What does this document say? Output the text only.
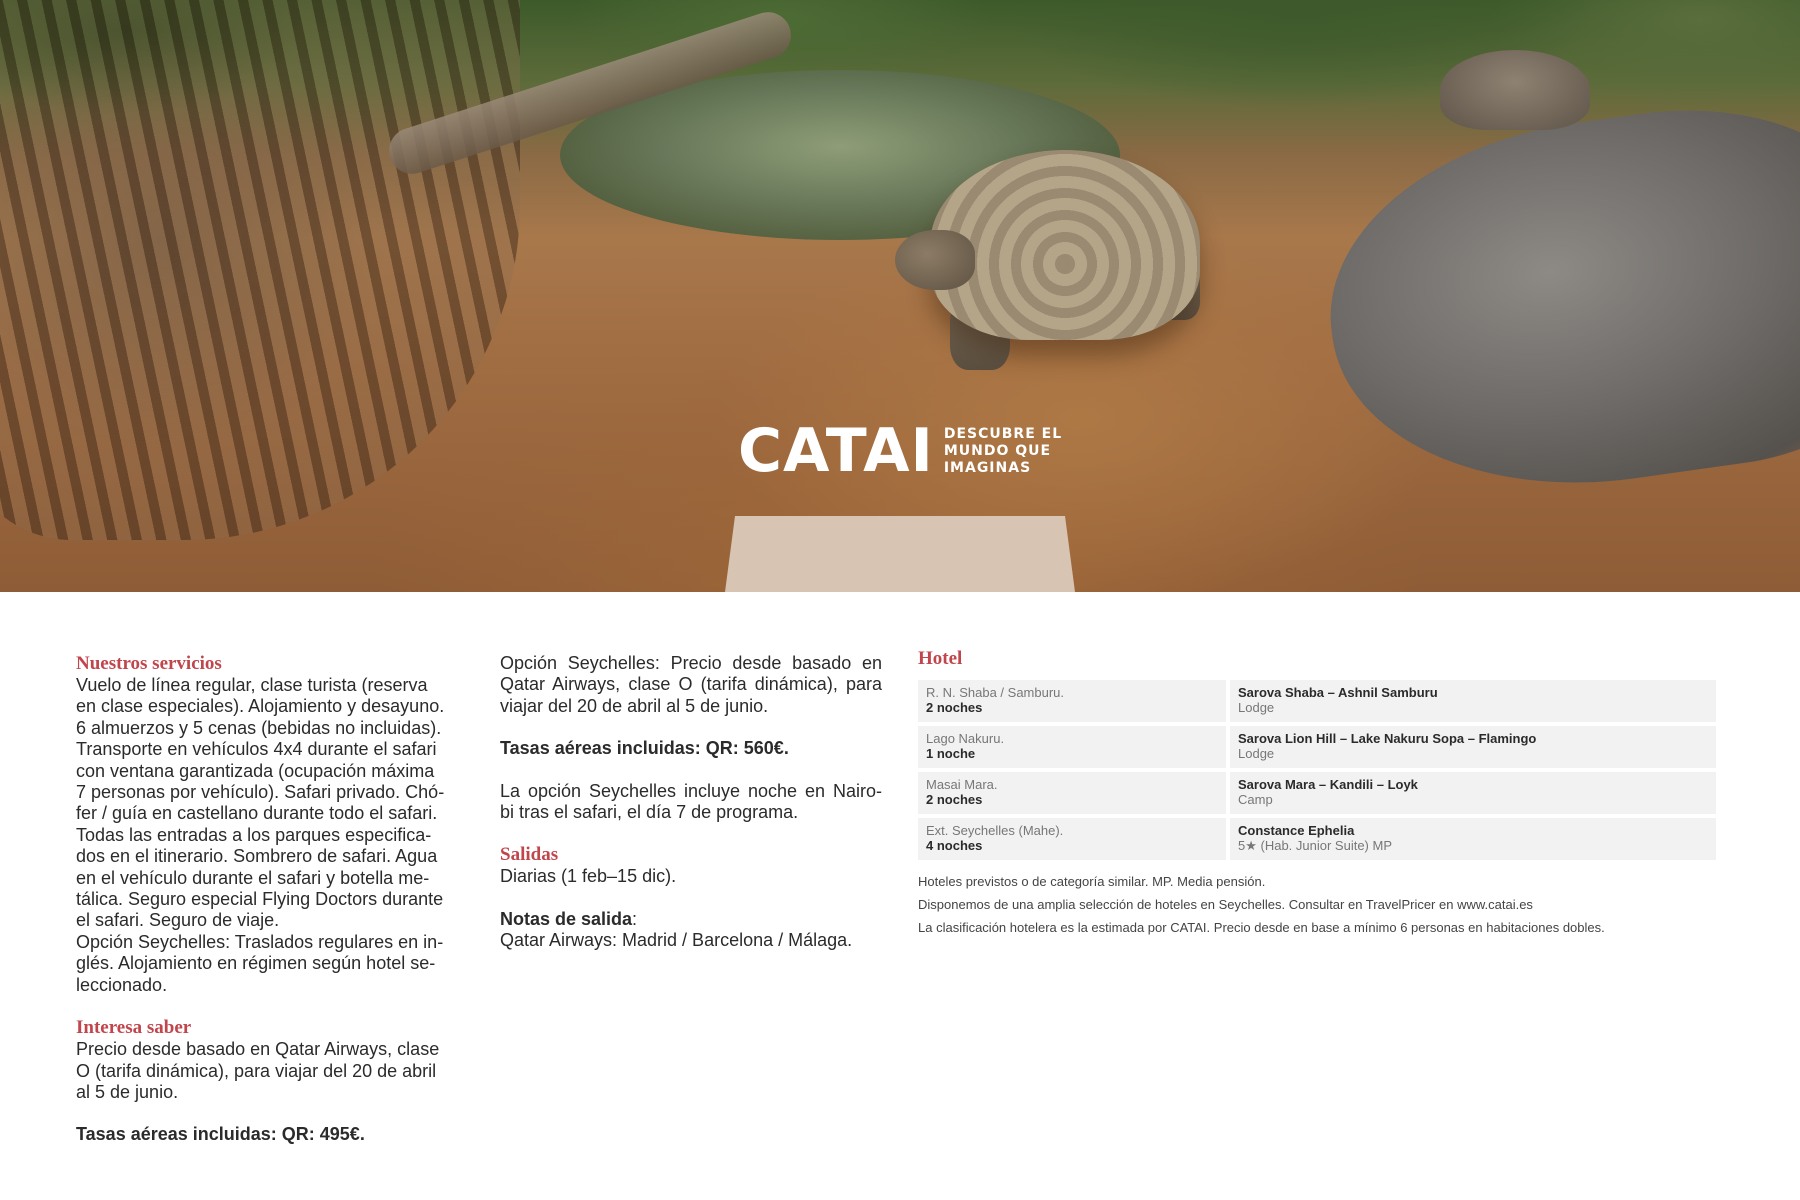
CATAI DESCUBRE EL
MUNDO QUE
IMAGINAS
Nuestros servicios
Vuelo de línea regular, clase turista (reserva
en clase especiales). Alojamiento y desayuno.
6 almuerzos y 5 cenas (bebidas no incluidas).
Transporte en vehículos 4x4 durante el safari
con ventana garantizada (ocupación máxima
7 personas por vehículo). Safari privado. Chó-
fer / guía en castellano durante todo el safari.
Todas las entradas a los parques especifica-
dos en el itinerario. Sombrero de safari. Agua
en el vehículo durante el safari y botella me-
tálica. Seguro especial Flying Doctors durante
el safari. Seguro de viaje.
Opción Seychelles: Traslados regulares en in-
glés. Alojamiento en régimen según hotel se-
leccionado.
Interesa saber
Precio desde basado en Qatar Airways, clase
O (tarifa dinámica), para viajar del 20 de abril
al 5 de junio.
Tasas aéreas incluidas: QR: 495€.
Opción Seychelles: Precio desde basado en
Qatar Airways, clase O (tarifa dinámica), para
viajar del 20 de abril al 5 de junio.
Tasas aéreas incluidas: QR: 560€.
La opción Seychelles incluye noche en Nairo-
bi tras el safari, el día 7 de programa.
Salidas
Diarias (1 feb–15 dic).
Notas de salida:
Qatar Airways: Madrid / Barcelona / Málaga.
Hotel
R. N. Shaba / Samburu.
2 noches	Sarova Shaba – Ashnil Samburu
Lodge
Lago Nakuru.
1 noche	Sarova Lion Hill – Lake Nakuru Sopa – Flamingo
Lodge
Masai Mara.
2 noches	Sarova Mara – Kandili – Loyk
Camp
Ext. Seychelles (Mahe).
4 noches	Constance Ephelia
5★ (Hab. Junior Suite) MP
Hoteles previstos o de categoría similar. MP. Media pensión.
Disponemos de una amplia selección de hoteles en Seychelles. Consultar en TravelPricer en www.catai.es
La clasificación hotelera es la estimada por CATAI. Precio desde en base a mínimo 6 personas en habitaciones dobles.
